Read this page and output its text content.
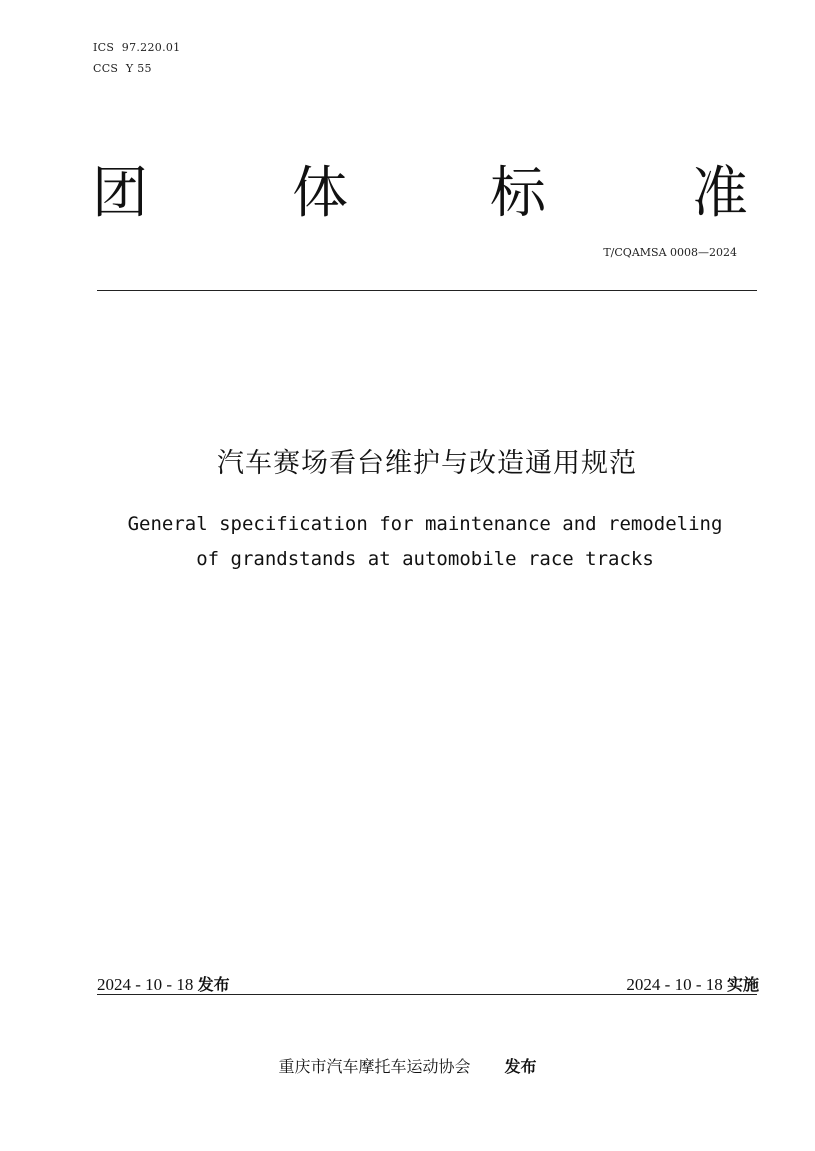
ICS  97.220.01
CCS  Y 55
团	体	标	准
T/CQAMSA 0008—2024
汽车赛场看台维护与改造通用规范
General specification for maintenance and remodeling
of grandstands at automobile race tracks
2024 - 10 - 18 发布	2024 - 10 - 18 实施
重庆市汽车摩托车运动协会 发布
